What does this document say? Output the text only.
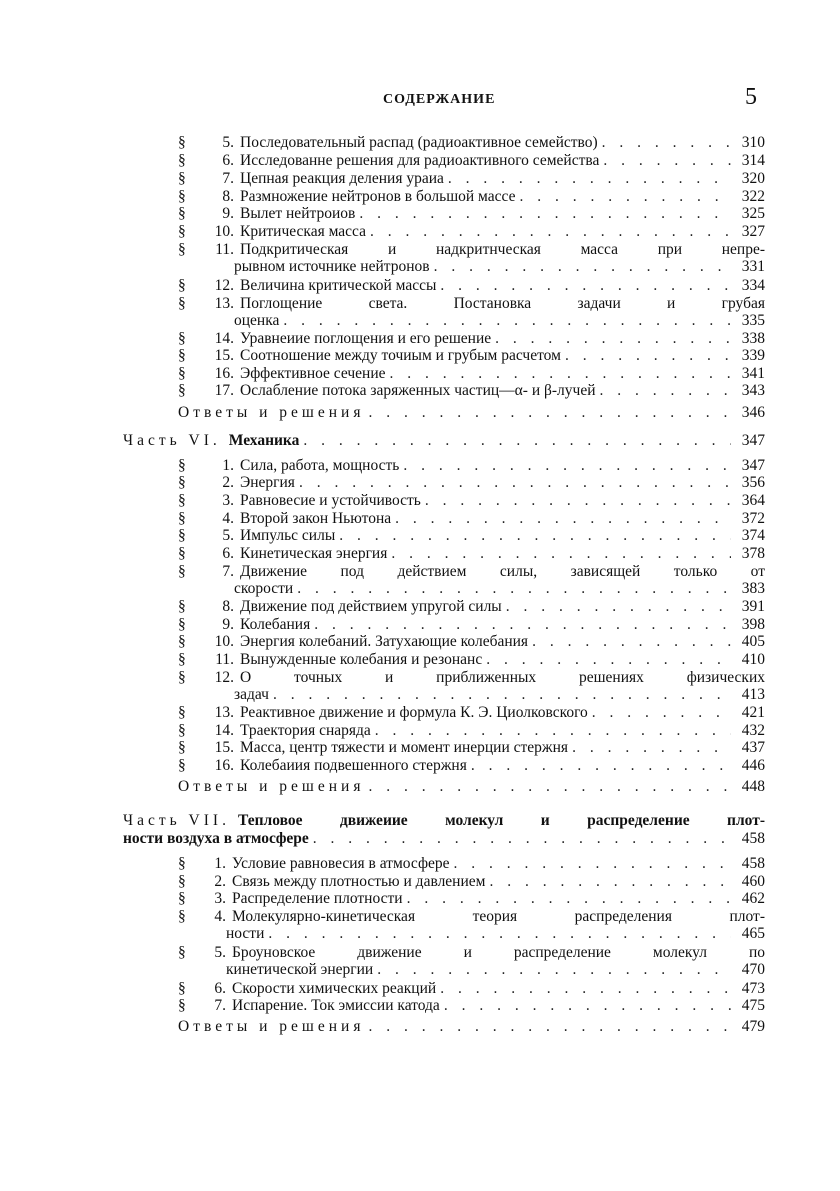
СОДЕРЖАНИЕ	5
§	5. Последовательный распад (радиоактивное семейство) . . .	310
§	6. Исследованне решения для радиоактивного семейства . . .	314
§	7. Цепная реакция деления ураиа . . .	320
§	8. Размножение нейтронов в большой массе . . .	322
§	9. Вылет нейтроиов . . .	325
§	10. Критическая масса . . .	327
§	11. Подкритическая и надкритнческая масса при непре-
рывном источнике нейтронов . . .	331
§	12. Величина критической массы . . .	334
§	13. Поглощение света. Постановка задачи и грубая
оценка . . .	335
§	14. Уравнеиие поглощения и его решение . . .	338
§	15. Соотношение между точиым и грубым расчетом . . .	339
§	16. Эффективное сечение . . .	341
§	17. Ослабление потока заряженных частиц—α- и β-лучей . . .	343
Ответы и решения . . .	346
Часть VI. Механика . . .	347
§	1. Сила, работа, мощность . . .	347
§	2. Энергия . . .	356
§	3. Равновесие и устойчивость . . .	364
§	4. Второй закон Ньютона . . .	372
§	5. Импульс силы . . .	374
§	6. Кинетическая энергия . . .	378
§	7. Движение под действием силы, зависящей только от
скорости . . .	383
§	8. Движение под действием упругой силы . . .	391
§	9. Колебания . . .	398
§	10. Энергия колебаний. Затухающие колебания . . .	405
§	11. Вынужденные колебания и резонанс . . .	410
§	12. О точных и приближенных решениях физических
задач . . .	413
§	13. Реактивное движение и формула К. Э. Циолковского . . .	421
§	14. Траектория снаряда . . .	432
§	15. Масса, центр тяжести и момент инерции стержня . . .	437
§	16. Колебаиия подвешенного стержня . . .	446
Ответы и решения . . .	448
Часть VII. Тепловое движеиие молекул и распределение плот-
ности воздуха в атмосфере . . .	458
§	1. Условие равновесия в атмосфере . . .	458
§	2. Связь между плотностью и давлением . . .	460
§	3. Распределение плотности . . .	462
§	4. Молекулярно-кинетическая теория распределения плот-
ности . . .	465
§	5. Броуновское движение и распределение молекул по
кинетической энергии . . .	470
§	6. Скорости химических реакций . . .	473
§	7. Испарение. Ток эмиссии катода . . .	475
Ответы и решения . . .	479
